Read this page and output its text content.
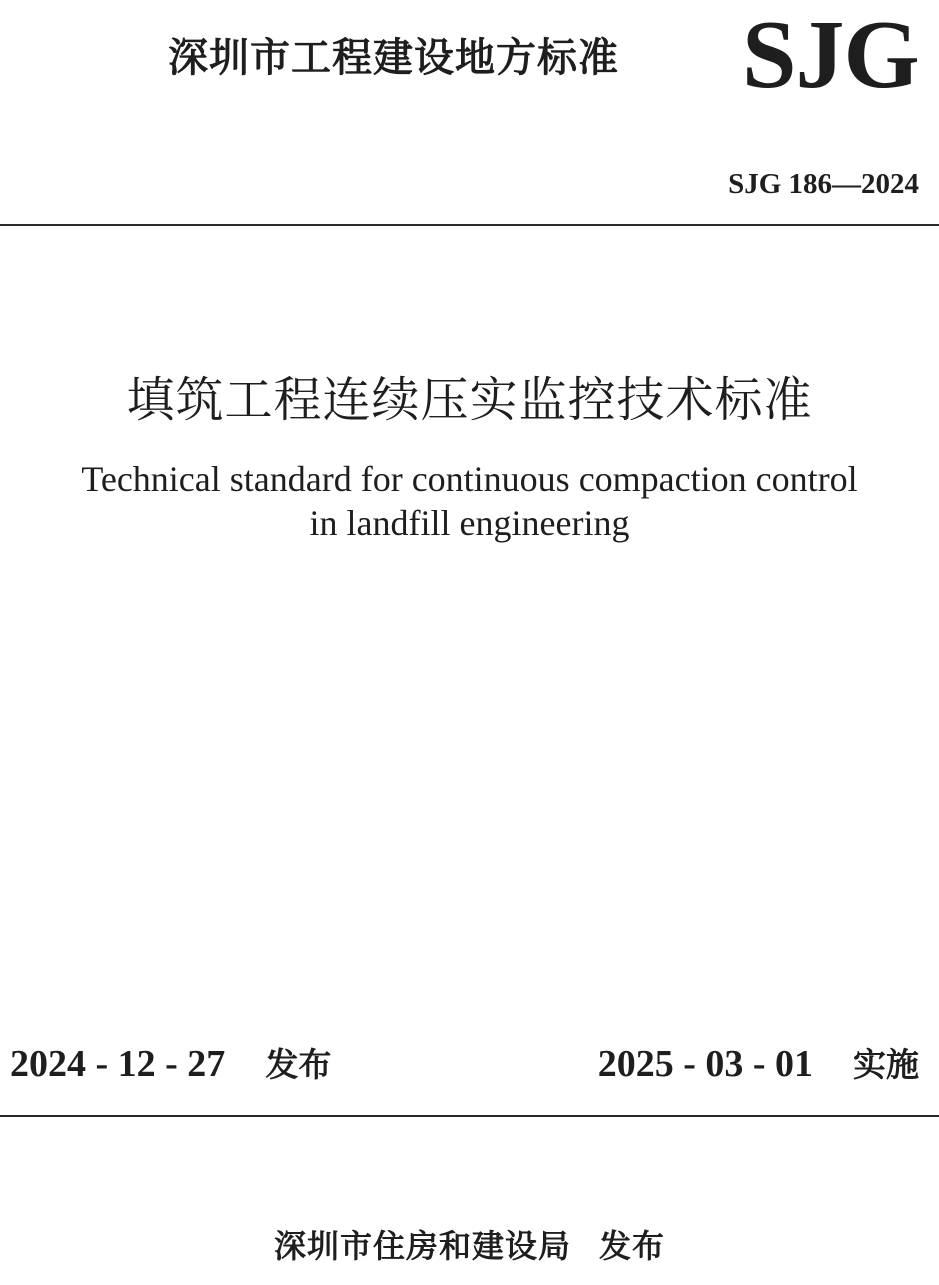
深圳市工程建设地方标准 SJG
SJG 186—2024
填筑工程连续压实监控技术标准
Technical standard for continuous compaction control
in landfill engineering
2024 - 12 - 27 发布	2025 - 03 - 01 实施
深圳市住房和建设局 发布
